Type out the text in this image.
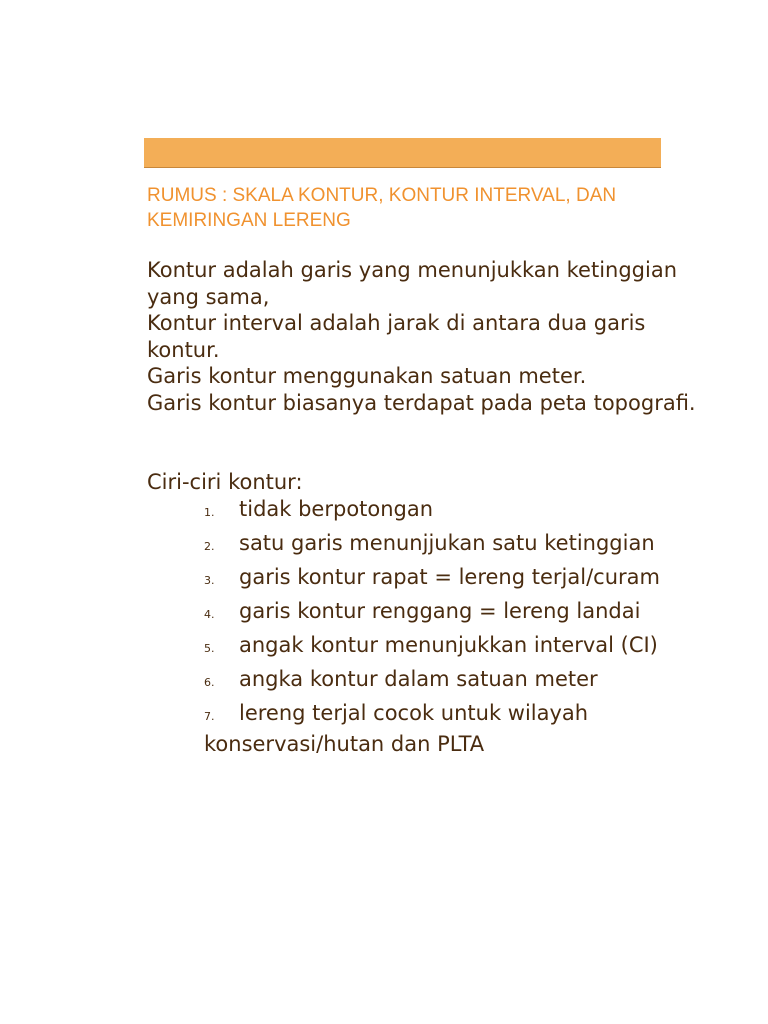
RUMUS : SKALA KONTUR, KONTUR INTERVAL, DAN KEMIRINGAN LERENG

Kontur adalah garis yang menunjukkan ketinggian yang sama,

Kontur interval adalah jarak di antara dua garis kontur.

Garis kontur menggunakan satuan meter.

Garis kontur biasanya terdapat pada peta topografi.

Ciri-ciri kontur:

1. tidak berpotongan
2. satu garis menunjjukan satu ketinggian
3. garis kontur rapat = lereng terjal/curam
4. garis kontur renggang = lereng landai
5. angak kontur menunjukkan interval (CI)
6. angka kontur dalam satuan meter
7. lereng terjal cocok untuk wilayah konservasi/hutan dan PLTA
